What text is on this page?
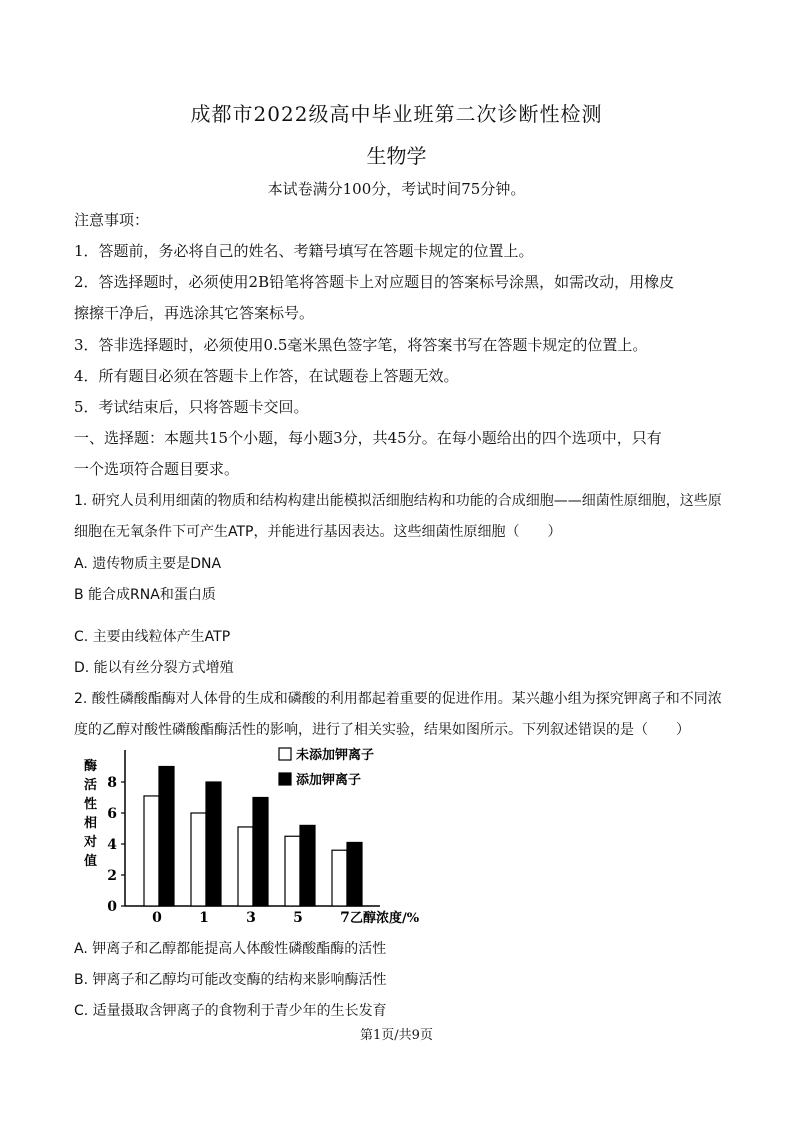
成都市2022级高中毕业班第二次诊断性检测
生物学
本试卷满分100分，考试时间75分钟。
注意事项：
1．答题前，务必将自己的姓名、考籍号填写在答题卡规定的位置上。
2．答选择题时，必须使用2B铅笔将答题卡上对应题目的答案标号涂黑，如需改动，用橡皮
擦擦干净后，再选涂其它答案标号。
3．答非选择题时，必须使用0.5毫米黑色签字笔，将答案书写在答题卡规定的位置上。
4．所有题目必须在答题卡上作答，在试题卷上答题无效。
5．考试结束后，只将答题卡交回。
一、选择题：本题共15个小题，每小题3分，共45分。在每小题给出的四个选项中，只有
一个选项符合题目要求。
1. 研究人员利用细菌的物质和结构构建出能模拟活细胞结构和功能的合成细胞——细菌性原细胞，这些原
细胞在无氧条件下可产生ATP，并能进行基因表达。这些细菌性原细胞（　　）
A. 遗传物质主要是DNA
B 能合成RNA和蛋白质
C. 主要由线粒体产生ATP
D. 能以有丝分裂方式增殖
2. 酸性磷酸酯酶对人体骨的生成和磷酸的利用都起着重要的促进作用。某兴趣小组为探究钾离子和不同浓
度的乙醇对酸性磷酸酯酶活性的影响，进行了相关实验，结果如图所示。下列叙述错误的是（　　）
酶
活
性
相
对
值
0
2
4
6
8
0	1	3	5	7 乙醇浓度/%
未添加钾离子
添加钾离子
A. 钾离子和乙醇都能提高人体酸性磷酸酯酶的活性
B. 钾离子和乙醇均可能改变酶的结构来影响酶活性
C. 适量摄取含钾离子的食物利于青少年的生长发育
第1页/共9页
